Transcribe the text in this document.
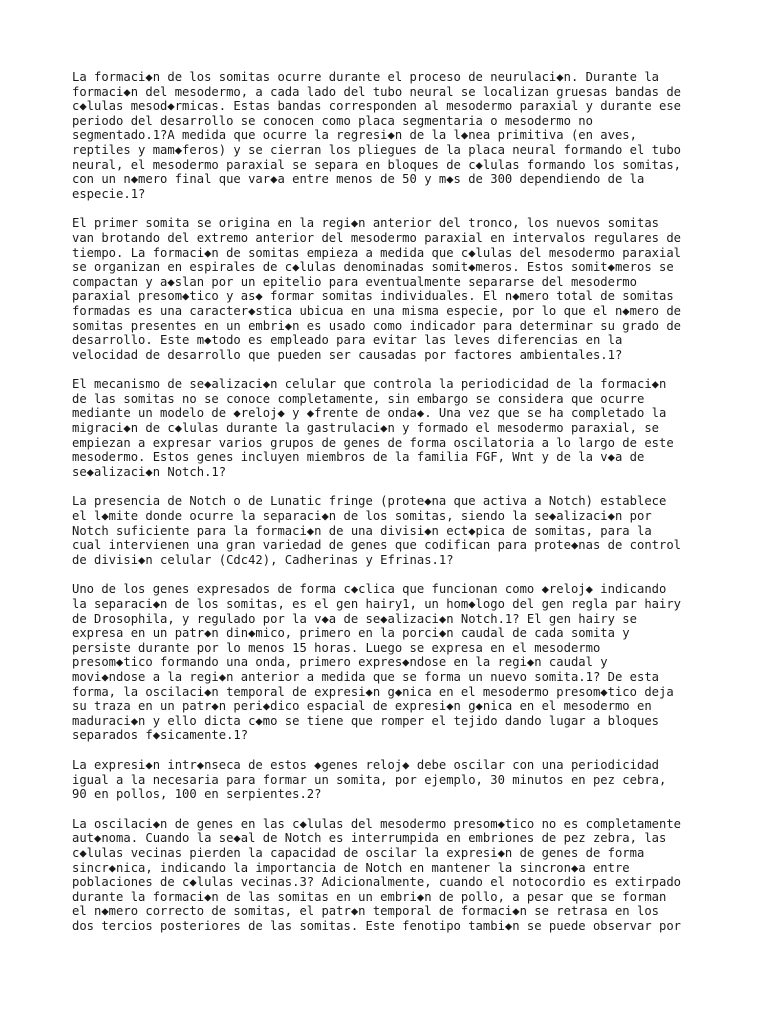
La formaci◆n de los somitas ocurre durante el proceso de neurulaci◆n. Durante la
formaci◆n del mesodermo, a cada lado del tubo neural se localizan gruesas bandas de
c◆lulas mesod◆rmicas. Estas bandas corresponden al mesodermo paraxial y durante ese
periodo del desarrollo se conocen como placa segmentaria o mesodermo no
segmentado.1?A medida que ocurre la regresi◆n de la l◆nea primitiva (en aves,
reptiles y mam◆feros) y se cierran los pliegues de la placa neural formando el tubo
neural, el mesodermo paraxial se separa en bloques de c◆lulas formando los somitas,
con un n◆mero final que var◆a entre menos de 50 y m◆s de 300 dependiendo de la
especie.1?

El primer somita se origina en la regi◆n anterior del tronco, los nuevos somitas
van brotando del extremo anterior del mesodermo paraxial en intervalos regulares de
tiempo. La formaci◆n de somitas empieza a medida que c◆lulas del mesodermo paraxial
se organizan en espirales de c◆lulas denominadas somit◆meros. Estos somit◆meros se
compactan y a◆slan por un epitelio para eventualmente separarse del mesodermo
paraxial presom◆tico y as◆ formar somitas individuales. El n◆mero total de somitas
formadas es una caracter◆stica ubicua en una misma especie, por lo que el n◆mero de
somitas presentes en un embri◆n es usado como indicador para determinar su grado de
desarrollo. Este m◆todo es empleado para evitar las leves diferencias en la
velocidad de desarrollo que pueden ser causadas por factores ambientales.1?

El mecanismo de se◆alizaci◆n celular que controla la periodicidad de la formaci◆n
de las somitas no se conoce completamente, sin embargo se considera que ocurre
mediante un modelo de ◆reloj◆ y ◆frente de onda◆. Una vez que se ha completado la
migraci◆n de c◆lulas durante la gastrulaci◆n y formado el mesodermo paraxial, se
empiezan a expresar varios grupos de genes de forma oscilatoria a lo largo de este
mesodermo. Estos genes incluyen miembros de la familia FGF, Wnt y de la v◆a de
se◆alizaci◆n Notch.1?

La presencia de Notch o de Lunatic fringe (prote◆na que activa a Notch) establece
el l◆mite donde ocurre la separaci◆n de los somitas, siendo la se◆alizaci◆n por
Notch suficiente para la formaci◆n de una divisi◆n ect◆pica de somitas, para la
cual intervienen una gran variedad de genes que codifican para prote◆nas de control
de divisi◆n celular (Cdc42), Cadherinas y Efrinas.1?

Uno de los genes expresados de forma c◆clica que funcionan como ◆reloj◆ indicando
la separaci◆n de los somitas, es el gen hairy1, un hom◆logo del gen regla par hairy
de Drosophila, y regulado por la v◆a de se◆alizaci◆n Notch.1? El gen hairy se
expresa en un patr◆n din◆mico, primero en la porci◆n caudal de cada somita y
persiste durante por lo menos 15 horas. Luego se expresa en el mesodermo
presom◆tico formando una onda, primero expres◆ndose en la regi◆n caudal y
movi◆ndose a la regi◆n anterior a medida que se forma un nuevo somita.1? De esta
forma, la oscilaci◆n temporal de expresi◆n g◆nica en el mesodermo presom◆tico deja
su traza en un patr◆n peri◆dico espacial de expresi◆n g◆nica en el mesodermo en
maduraci◆n y ello dicta c◆mo se tiene que romper el tejido dando lugar a bloques
separados f◆sicamente.1?

La expresi◆n intr◆nseca de estos ◆genes reloj◆ debe oscilar con una periodicidad
igual a la necesaria para formar un somita, por ejemplo, 30 minutos en pez cebra,
90 en pollos, 100 en serpientes.2?

La oscilaci◆n de genes en las c◆lulas del mesodermo presom◆tico no es completamente
aut◆noma. Cuando la se◆al de Notch es interrumpida en embriones de pez zebra, las
c◆lulas vecinas pierden la capacidad de oscilar la expresi◆n de genes de forma
sincr◆nica, indicando la importancia de Notch en mantener la sincron◆a entre
poblaciones de c◆lulas vecinas.3? Adicionalmente, cuando el notocordio es extirpado
durante la formaci◆n de las somitas en un embri◆n de pollo, a pesar que se forman
el n◆mero correcto de somitas, el patr◆n temporal de formaci◆n se retrasa en los
dos tercios posteriores de las somitas. Este fenotipo tambi◆n se puede observar por
